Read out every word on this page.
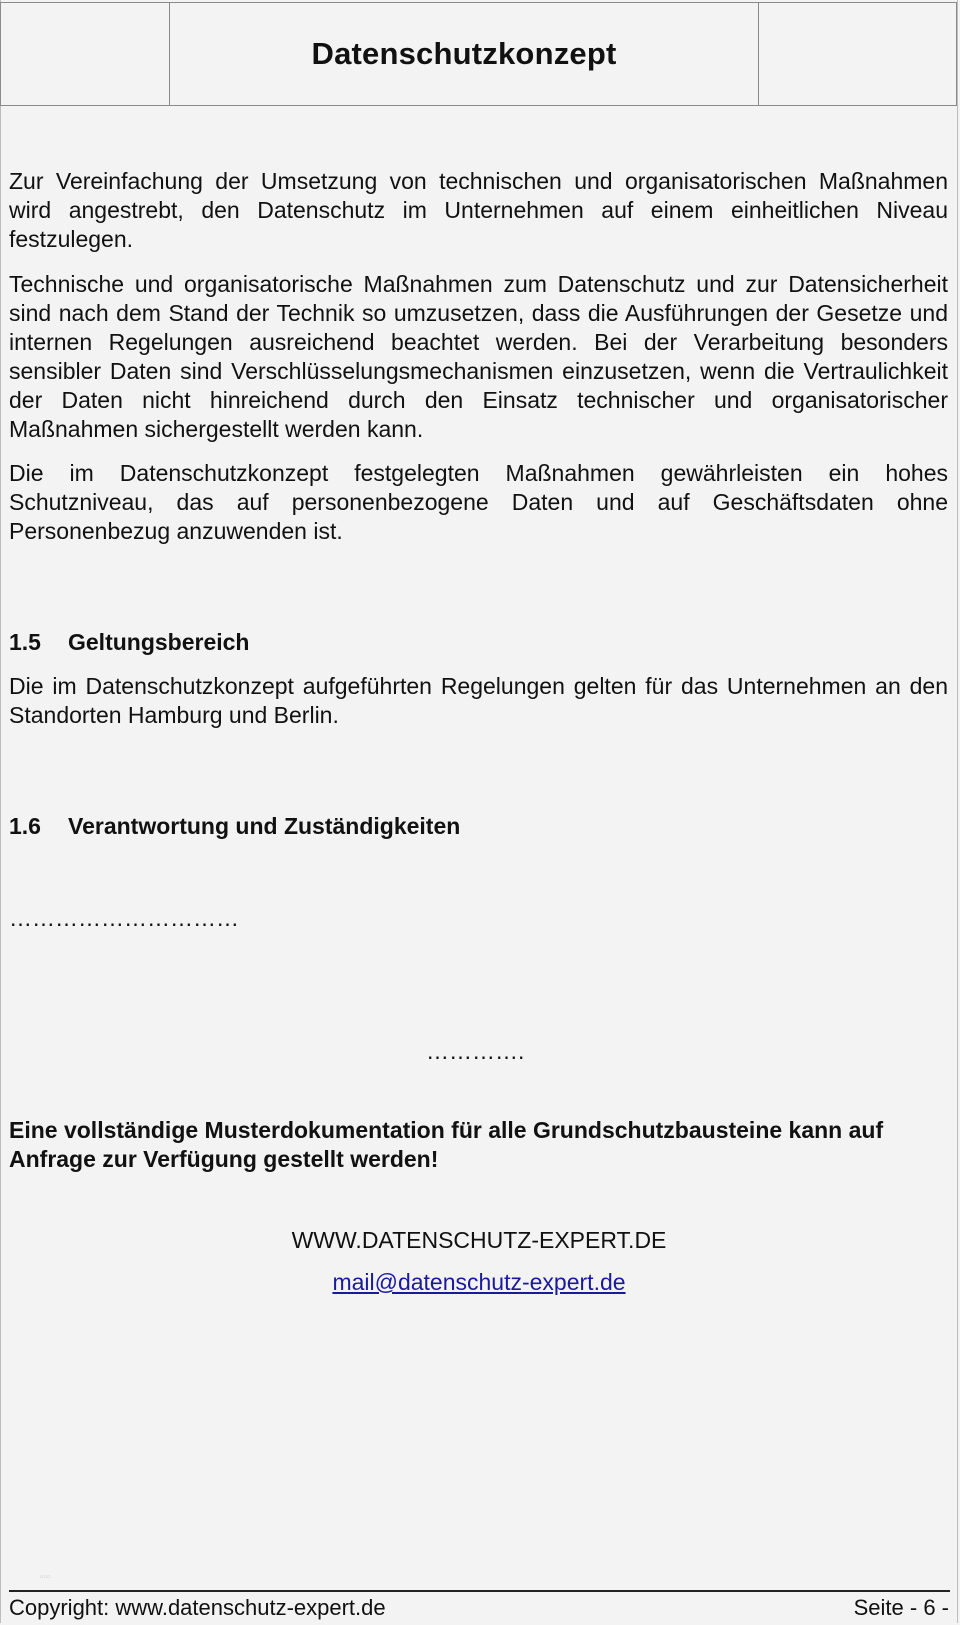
Datenschutzkonzept

Zur Vereinfachung der Umsetzung von technischen und organisatorischen Maßnahmen wird angestrebt, den Datenschutz im Unternehmen auf einem einheitlichen Niveau festzulegen.

Technische und organisatorische Maßnahmen zum Datenschutz und zur Datensicherheit sind nach dem Stand der Technik so umzusetzen, dass die Ausführungen der Gesetze und internen Regelungen ausreichend beachtet werden. Bei der Verarbeitung besonders sensibler Daten sind Verschlüsselungsmechanismen einzusetzen, wenn die Vertraulichkeit der Daten nicht hinreichend durch den Einsatz technischer und organisatorischer Maßnahmen sichergestellt werden kann.

Die im Datenschutzkonzept festgelegten Maßnahmen gewährleisten ein hohes Schutzniveau, das auf personenbezogene Daten und auf Geschäftsdaten ohne Personenbezug anzuwenden ist.

1.5 Geltungsbereich

Die im Datenschutzkonzept aufgeführten Regelungen gelten für das Unternehmen an den Standorten Hamburg und Berlin.

1.6 Verantwortung und Zuständigkeiten

…………………………

………….

Eine vollständige Musterdokumentation für alle Grundschutzbausteine kann auf Anfrage zur Verfügung gestellt werden!

WWW.DATENSCHUTZ-EXPERT.DE

mail@datenschutz-expert.de

▫▫▫
Copyright: www.datenschutz-expert.de	Seite - 6 -
